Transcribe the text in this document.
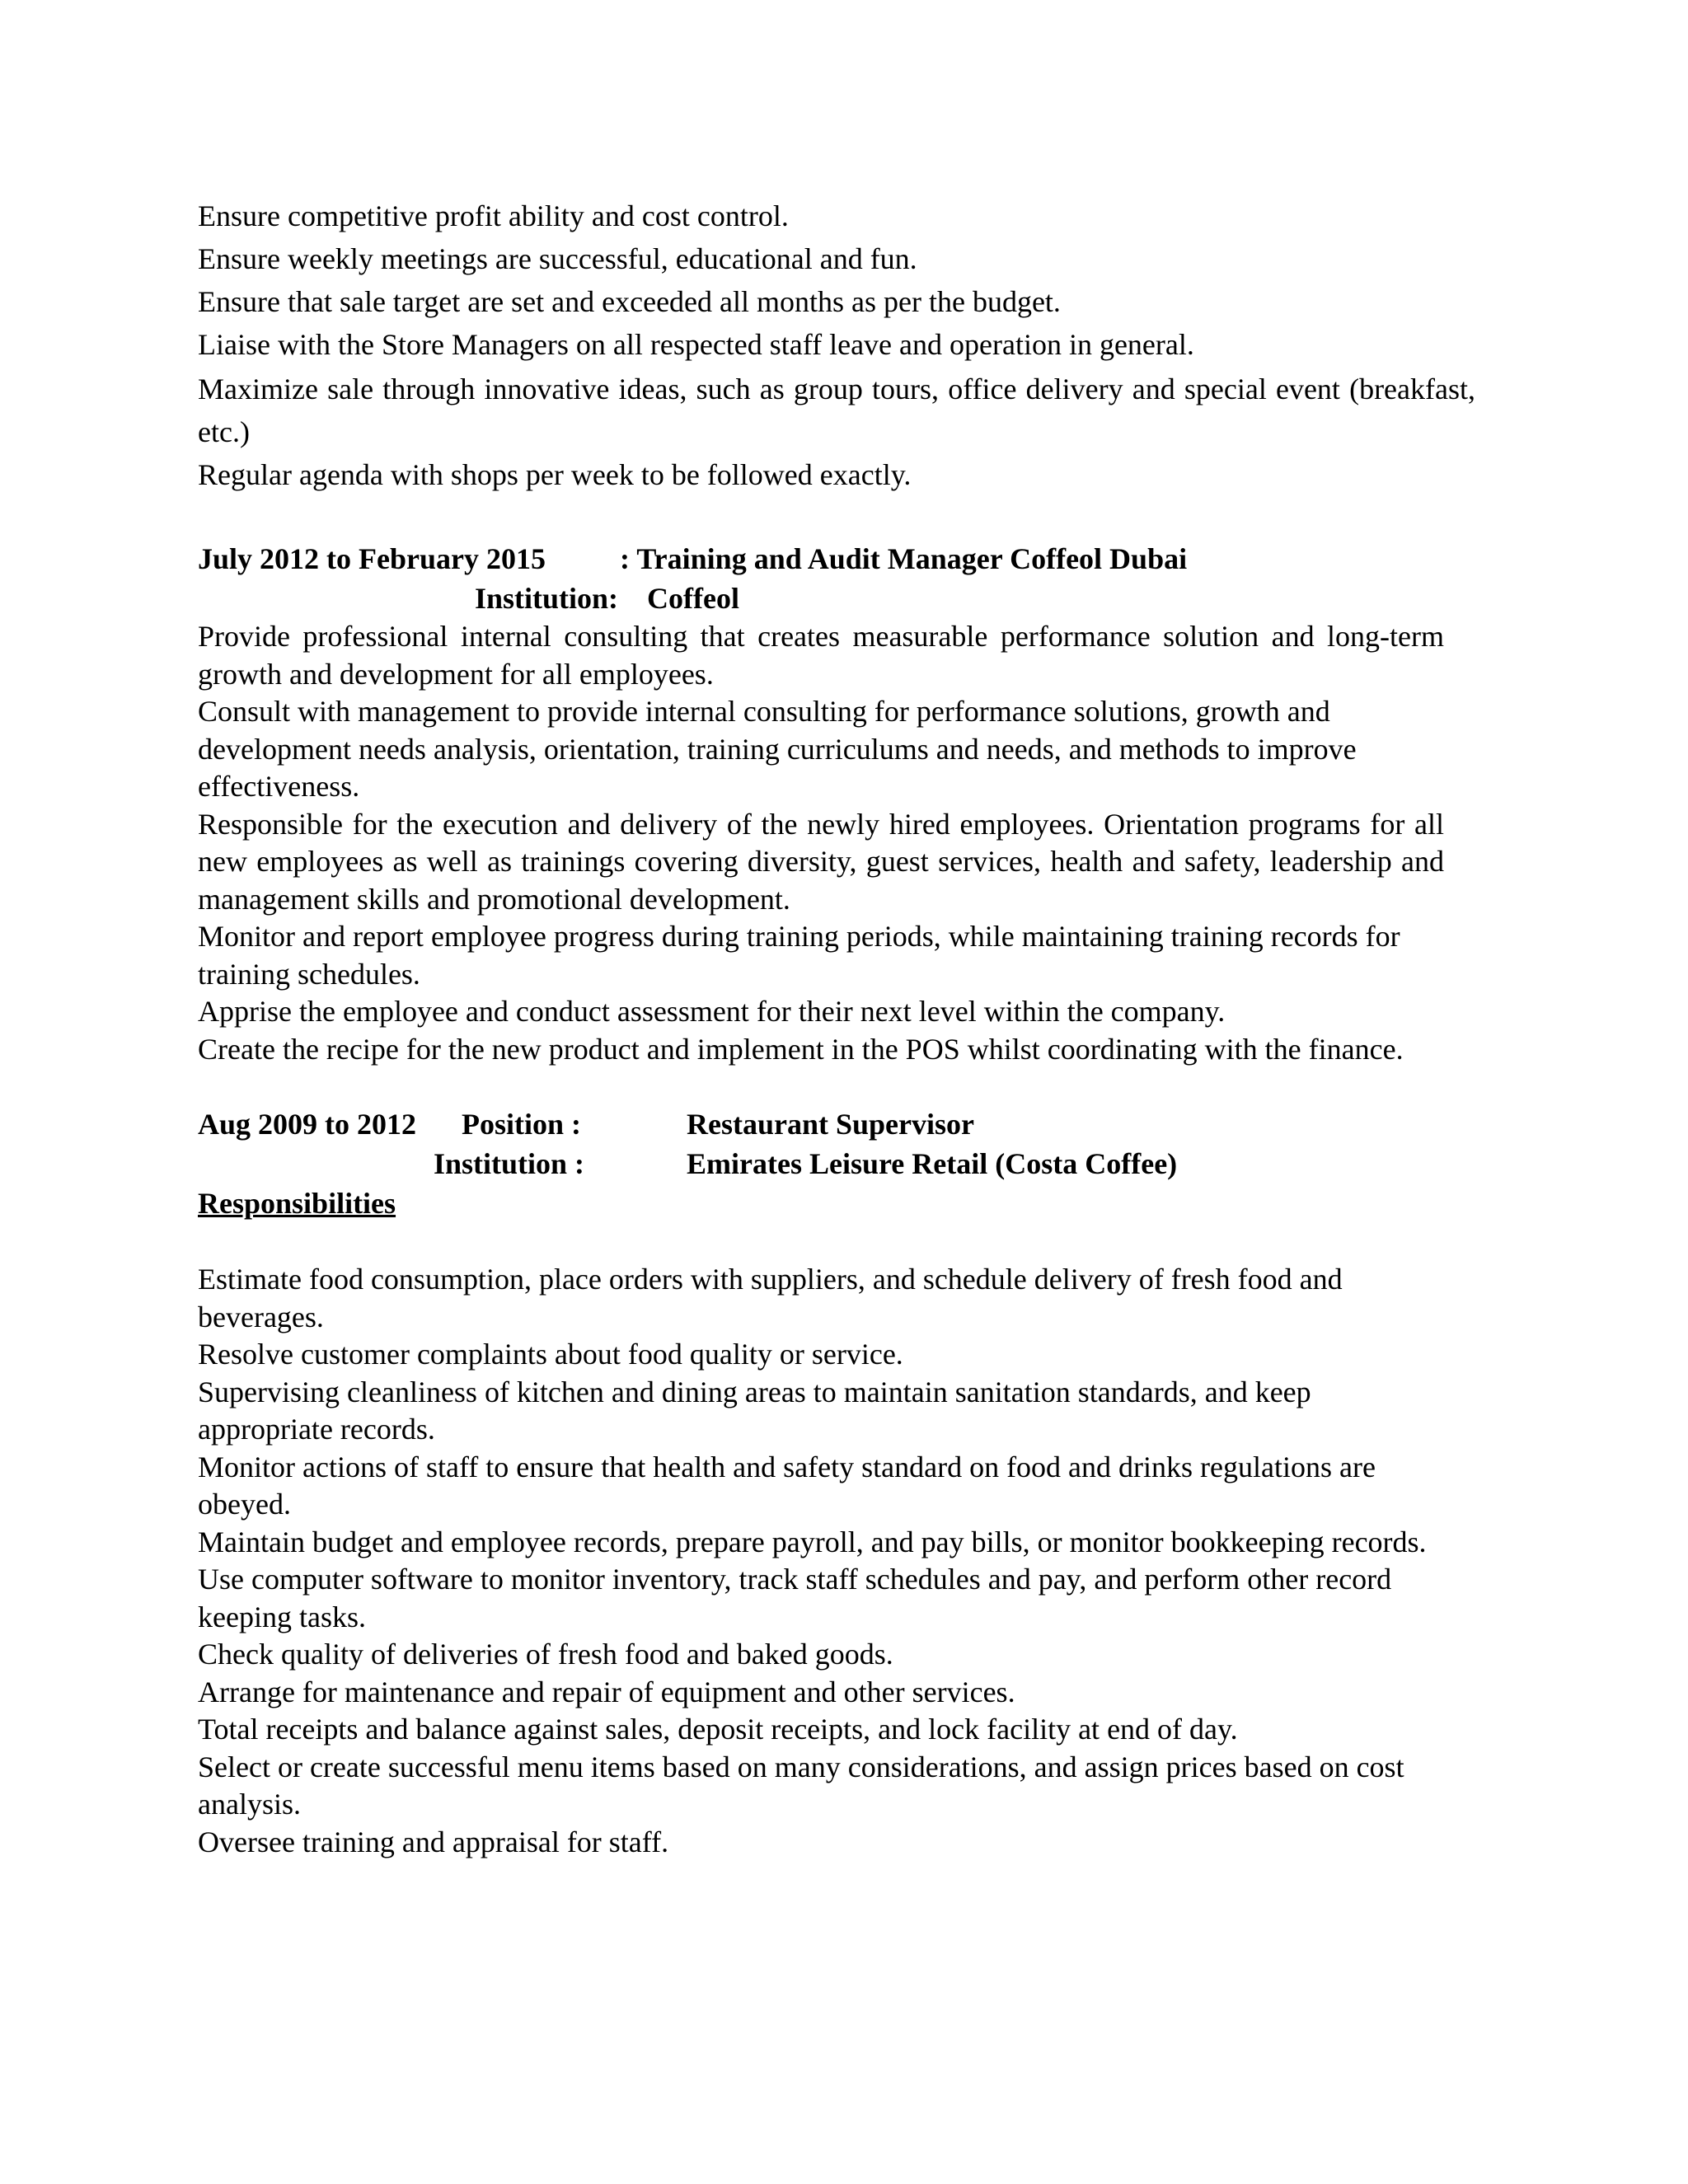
Ensure competitive profit ability and cost control.

Ensure weekly meetings are successful, educational and fun.

Ensure that sale target are set and exceeded all months as per the budget.

Liaise with the Store Managers on all respected staff leave and operation in general.

Maximize sale through innovative ideas, such as group tours, office delivery and special event (breakfast, etc.)

Regular agenda with shops per week to be followed exactly.

July 2012 to February 2015	: Training and Audit Manager Coffeol Dubai
Institution: Coffeol

Provide professional internal consulting that creates measurable performance solution and long-term growth and development for all employees.

Consult with management to provide internal consulting for performance solutions, growth and development needs analysis, orientation, training curriculums and needs, and methods to improve effectiveness.

Responsible for the execution and delivery of the newly hired employees. Orientation programs for all new employees as well as trainings covering diversity, guest services, health and safety, leadership and management skills and promotional development.

Monitor and report employee progress during training periods, while maintaining training records for training schedules.

Apprise the employee and conduct assessment for their next level within the company.

Create the recipe for the new product and implement in the POS whilst coordinating with the finance.

Aug 2009 to 2012 Position :	Restaurant Supervisor
Institution :	Emirates Leisure Retail (Costa Coffee)
Responsibilities

Estimate food consumption, place orders with suppliers, and schedule delivery of fresh food and beverages.

Resolve customer complaints about food quality or service.

Supervising cleanliness of kitchen and dining areas to maintain sanitation standards, and keep appropriate records.

Monitor actions of staff to ensure that health and safety standard on food and drinks regulations are obeyed.

Maintain budget and employee records, prepare payroll, and pay bills, or monitor bookkeeping records.

Use computer software to monitor inventory, track staff schedules and pay, and perform other record keeping tasks.

Check quality of deliveries of fresh food and baked goods.

Arrange for maintenance and repair of equipment and other services.

Total receipts and balance against sales, deposit receipts, and lock facility at end of day.

Select or create successful menu items based on many considerations, and assign prices based on cost analysis.

Oversee training and appraisal for staff.
